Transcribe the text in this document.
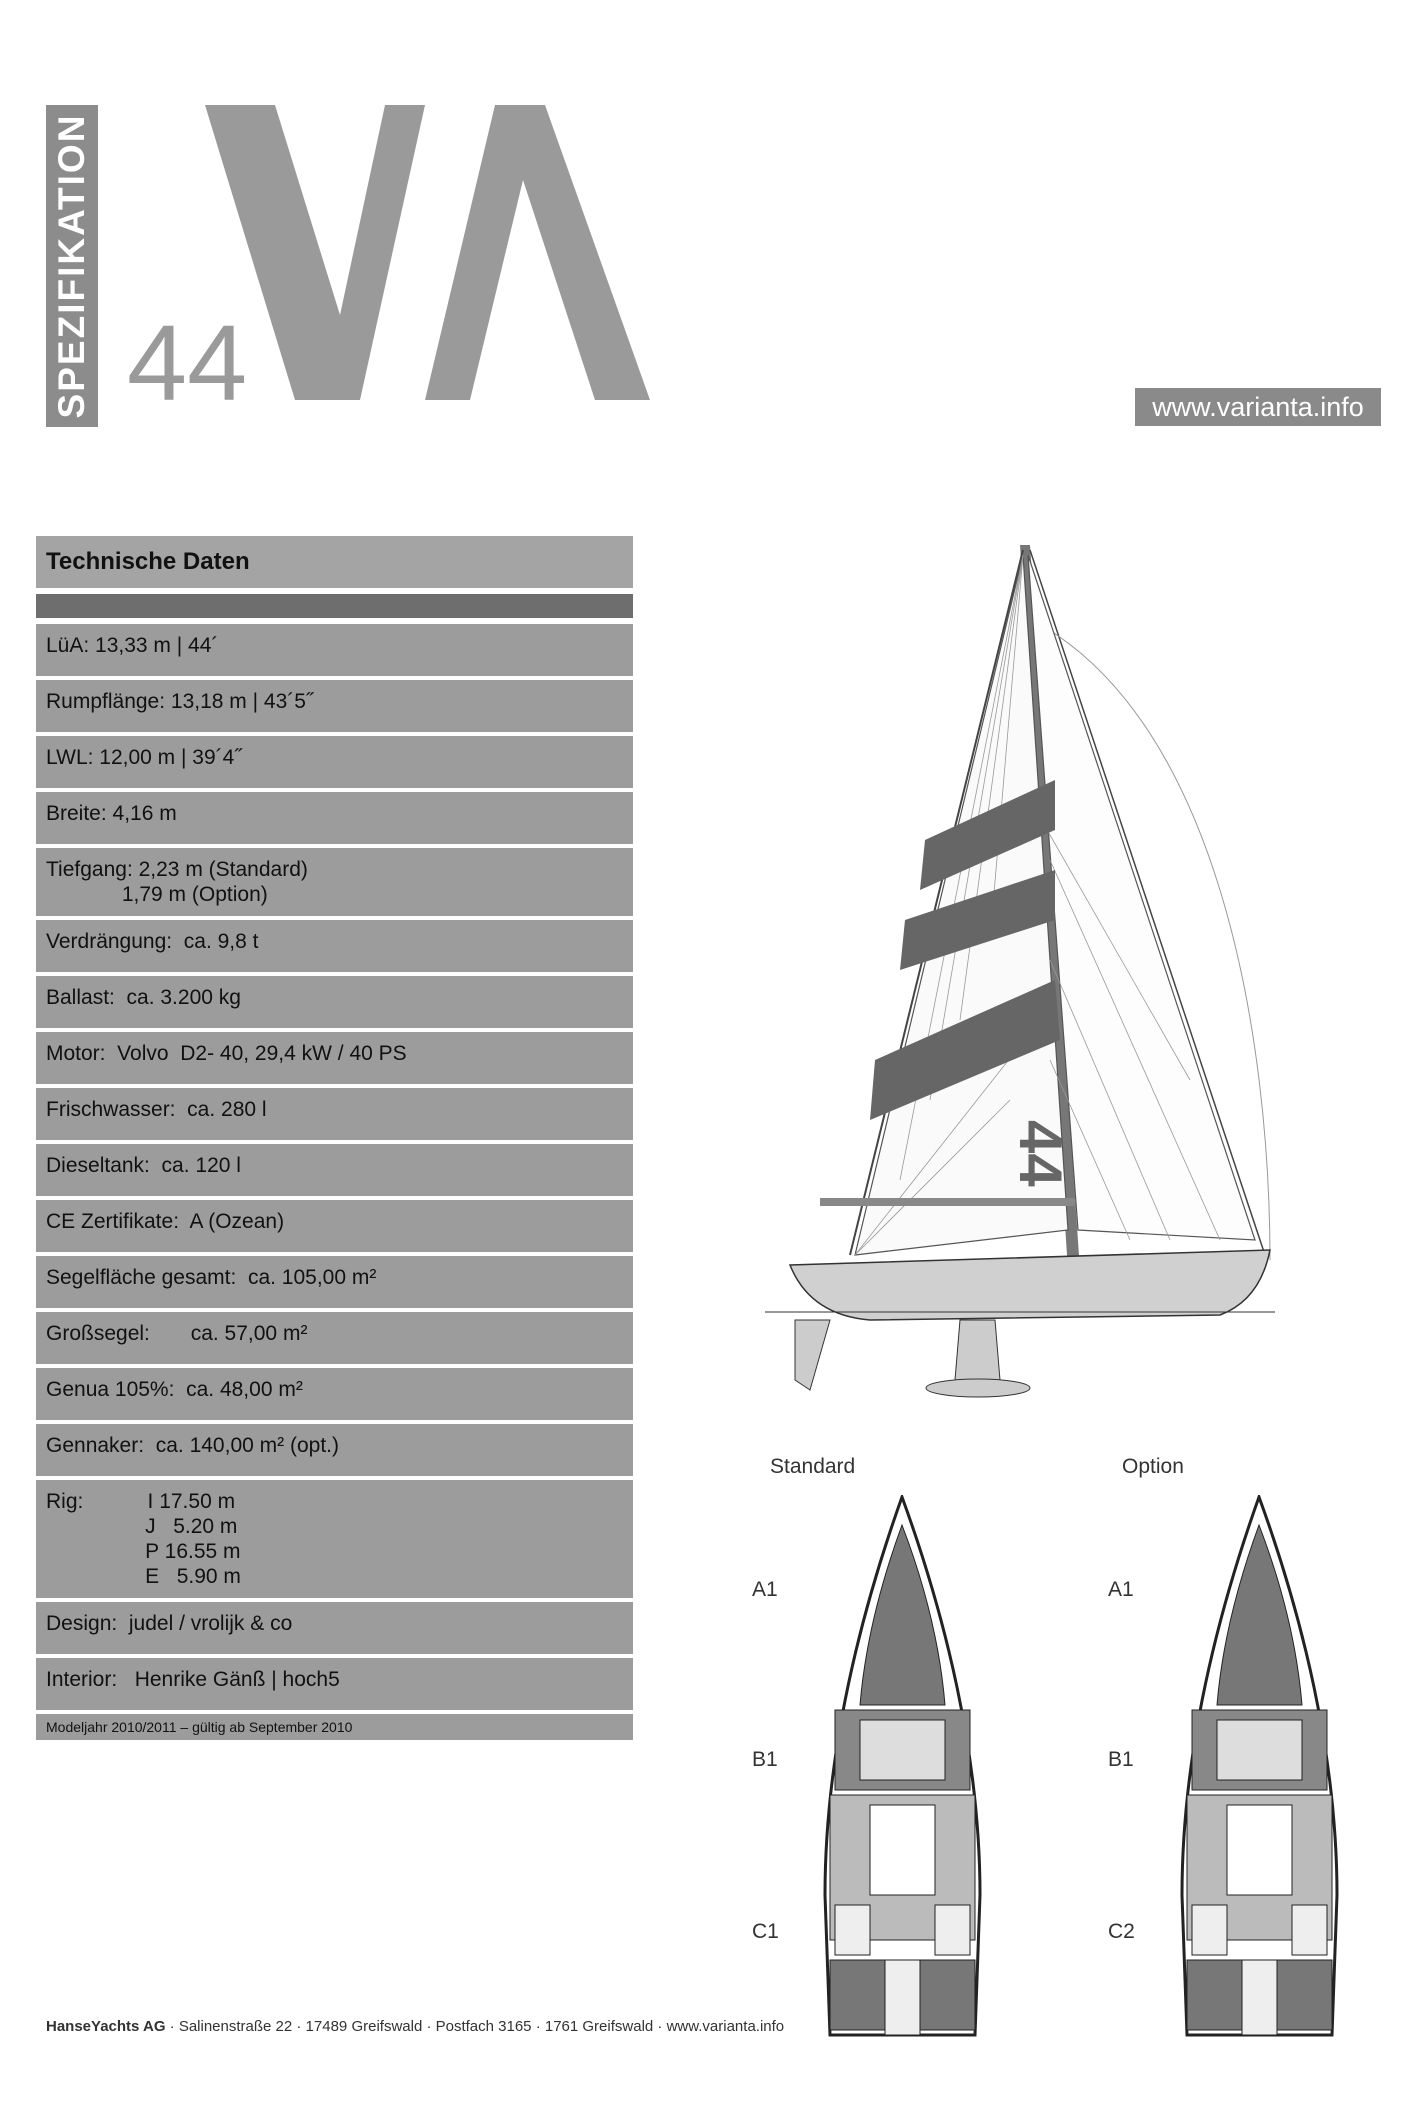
SPEZIFIKATION 44	www.varianta.info
Technische Daten
LüA: 13,33 m | 44´
Rumpflänge: 13,18 m | 43´5˝
LWL: 12,00 m | 39´4˝
Breite: 4,16 m
Tiefgang: 2,23 m (Standard)
1,79 m (Option)
Verdrängung:  ca. 9,8 t
Ballast:  ca. 3.200 kg
Motor:  Volvo  D2- 40, 29,4 kW / 40 PS
Frischwasser:  ca. 280 l
Dieseltank:  ca. 120 l
CE Zertifikate:  A (Ozean)
Segelfläche gesamt:  ca. 105,00 m²
Großsegel:       ca. 57,00 m²
Genua 105%:  ca. 48,00 m²
Gennaker:  ca. 140,00 m² (opt.)
Rig:           I 17.50 m
J   5.20 m
P 16.55 m
E   5.90 m
Design:  judel / vrolijk & co
Interior:   Henrike Gänß | hoch5
Modeljahr 2010/2011 – gültig ab September 2010
44
Standard	Option
A1
B1
C1
A1
B1
C2
HanseYachts AG · Salinenstraße 22 · 17489 Greifswald · Postfach 3165 · 1761 Greifswald · www.varianta.info
